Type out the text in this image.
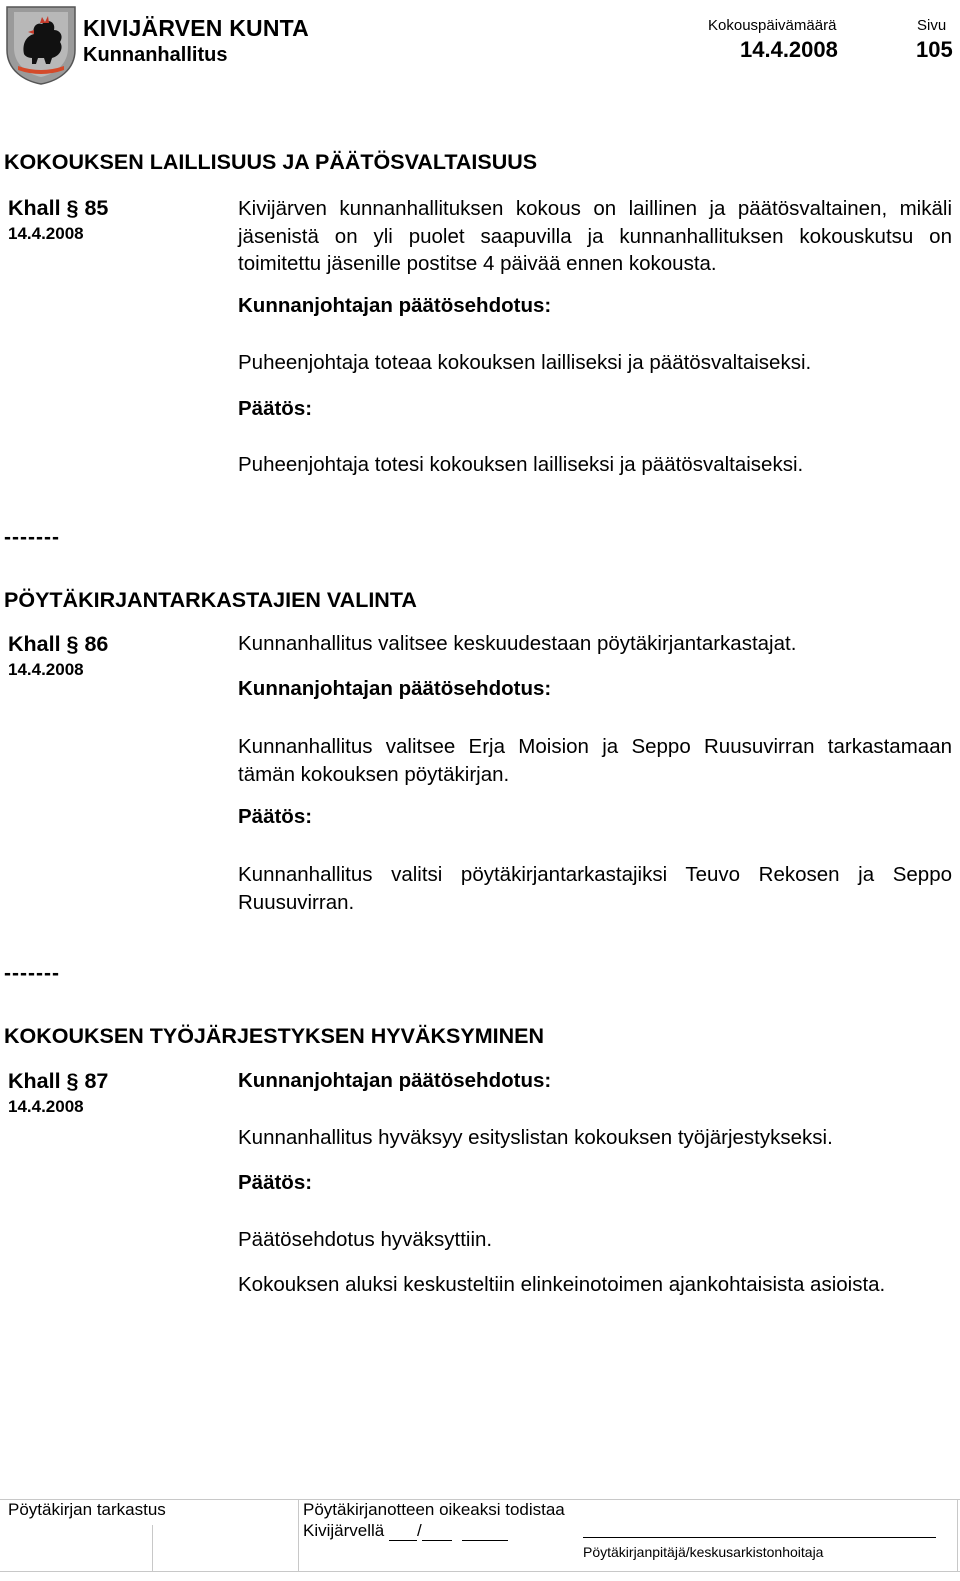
KIVIJÄRVEN KUNTA
Kunnanhallitus
Kokouspäivämäärä
14.4.2008
Sivu
105
KOKOUKSEN LAILLISUUS JA PÄÄTÖSVALTAISUUS
Khall § 85
14.4.2008
Kivijärven kunnanhallituksen kokous on laillinen ja päätösvaltainen, mikäli jäsenistä on yli puolet saapuvilla ja kunnanhallituksen kokouskutsu on toimitettu jäsenille postitse 4 päivää ennen kokousta.
Kunnanjohtajan päätösehdotus:
Puheenjohtaja toteaa kokouksen lailliseksi ja päätösvaltaiseksi.
Päätös:
Puheenjohtaja totesi kokouksen lailliseksi ja päätösvaltaiseksi.
-------
PÖYTÄKIRJANTARKASTAJIEN VALINTA
Khall § 86
14.4.2008
Kunnanhallitus valitsee keskuudestaan pöytäkirjantarkastajat.
Kunnanjohtajan päätösehdotus:
Kunnanhallitus valitsee Erja Moision ja Seppo Ruusuvirran tarkastamaan tämän kokouksen pöytäkirjan.
Päätös:
Kunnanhallitus valitsi pöytäkirjantarkastajiksi Teuvo Rekosen ja Seppo Ruusuvirran.
-------
KOKOUKSEN TYÖJÄRJESTYKSEN HYVÄKSYMINEN
Khall § 87
14.4.2008
Kunnanjohtajan päätösehdotus:
Kunnanhallitus hyväksyy esityslistan kokouksen työjärjestykseksi.
Päätös:
Päätösehdotus hyväksyttiin.
Kokouksen aluksi keskusteltiin elinkeinotoimen ajankohtaisista asioista.
Pöytäkirjan tarkastus	Pöytäkirjanotteen oikeaksi todistaa
Kivijärvellä /
Pöytäkirjanpitäjä/keskusarkistonhoitaja
